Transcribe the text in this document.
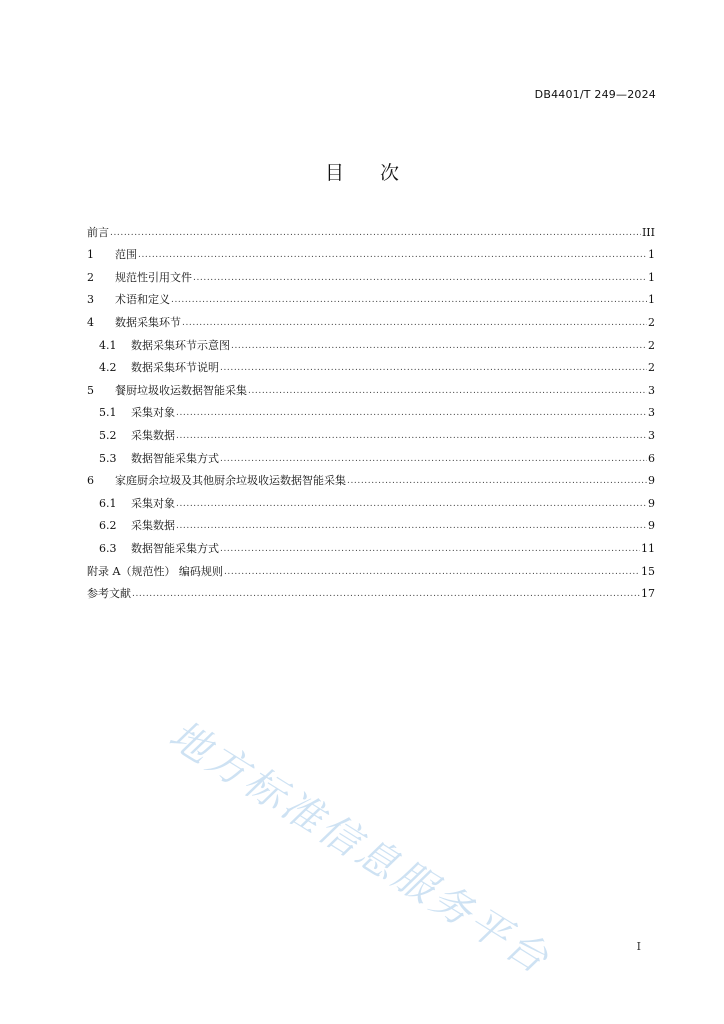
DB4401/T 249—2024
目 次
前言 .....	III
1	范围 .....	1
2	规范性引用文件 .....	1
3	术语和定义 .....	1
4	数据采集环节 .....	2
4.1	数据采集环节示意图 .....	2
4.2	数据采集环节说明 .....	2
5	餐厨垃圾收运数据智能采集 .....	3
5.1	采集对象 .....	3
5.2	采集数据 .....	3
5.3	数据智能采集方式 .....	6
6	家庭厨余垃圾及其他厨余垃圾收运数据智能采集 .....	9
6.1	采集对象 .....	9
6.2	采集数据 .....	9
6.3	数据智能采集方式 .....	11
附录 A（规范性） 编码规则 .....	15
参考文献 .....	17
地方标准信息服务平台	I
